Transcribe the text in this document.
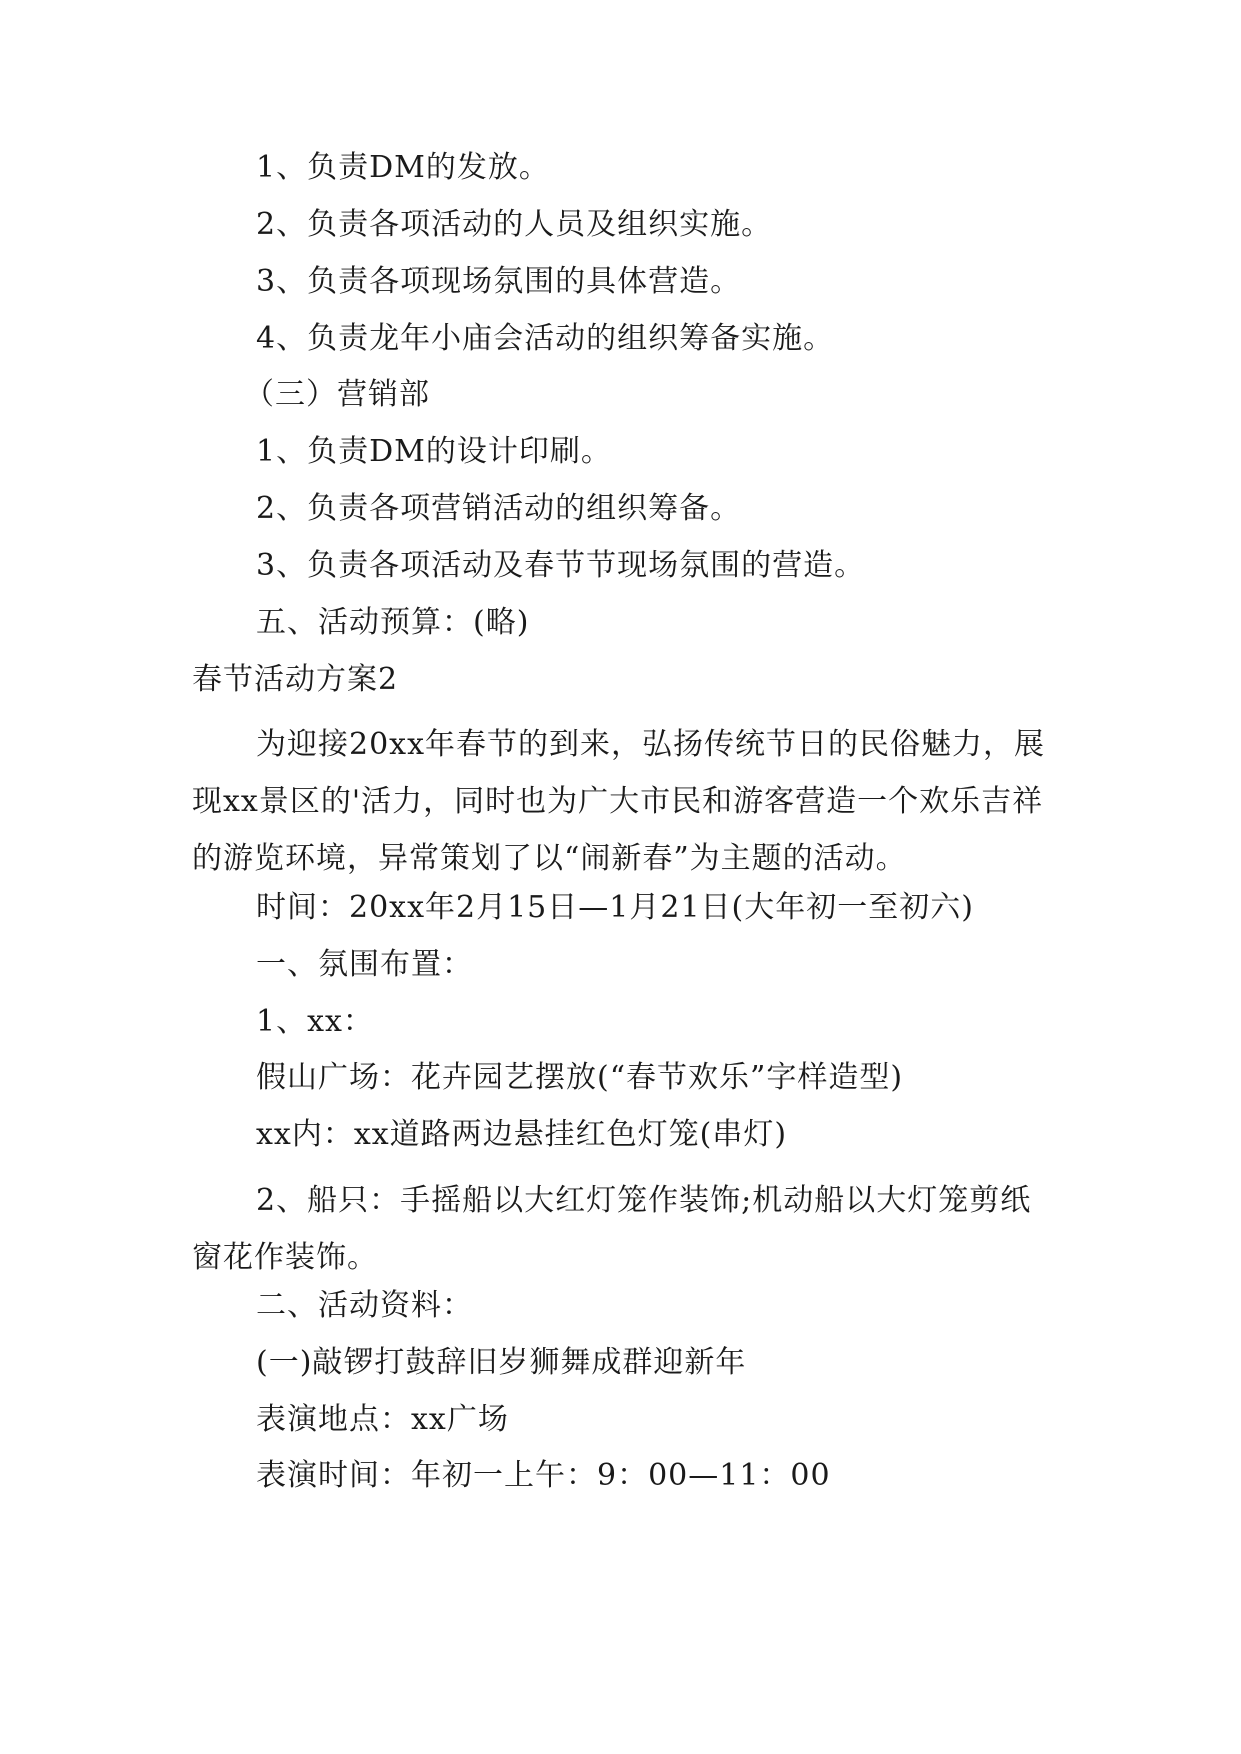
1、负责DM的发放。
2、负责各项活动的人员及组织实施。
3、负责各项现场氛围的具体营造。
4、负责龙年小庙会活动的组织筹备实施。
（三）营销部
1、负责DM的设计印刷。
2、负责各项营销活动的组织筹备。
3、负责各项活动及春节节现场氛围的营造。
五、活动预算：(略)
春节活动方案2
为迎接20xx年春节的到来，弘扬传统节日的民俗魅力，展现xx景区的'活力，同时也为广大市民和游客营造一个欢乐吉祥的游览环境，异常策划了以“闹新春”为主题的活动。
时间：20xx年2月15日—1月21日(大年初一至初六)
一、氛围布置：
1、xx：
假山广场：花卉园艺摆放(“春节欢乐”字样造型)
xx内：xx道路两边悬挂红色灯笼(串灯)
2、船只：手摇船以大红灯笼作装饰;机动船以大灯笼剪纸窗花作装饰。
二、活动资料：
(一)敲锣打鼓辞旧岁狮舞成群迎新年
表演地点：xx广场
表演时间：年初一上午：9：00—11：00
